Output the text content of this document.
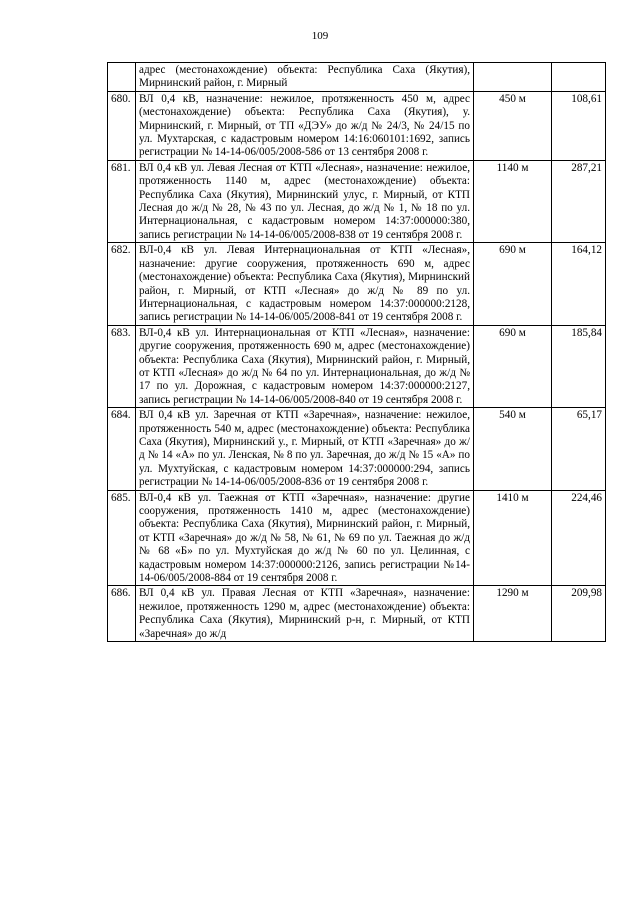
109
	адрес (местонахождение) объекта: Республика Саха (Якутия), Мирнинский район, г. Мирный		
680.	ВЛ 0,4 кВ, назначение: нежилое, протяженность 450 м, адрес (местонахождение) объекта: Республика Саха (Якутия), у. Мирнинский, г. Мирный, от ТП «ДЭУ» до ж/д № 24/3, № 24/15 по ул. Мухтарская, с кадастровым номером 14:16:060101:1692, запись регистрации № 14-14-06/005/2008-586 от 13 сентября 2008 г.	450 м	108,61
681.	ВЛ 0,4 кВ ул. Левая Лесная от КТП «Лесная», назначение: нежилое, протяженность 1140 м, адрес (местонахождение) объекта: Республика Саха (Якутия), Мирнинский улус, г. Мирный, от КТП Лесная до ж/д № 28, № 43 по ул. Лесная, до ж/д № 1, № 18 по ул. Интернациональная, с кадастровым номером 14:37:000000:380, запись регистрации № 14-14-06/005/2008-838 от 19 сентября 2008 г.	1140 м	287,21
682.	ВЛ-0,4 кВ ул. Левая Интернациональная от КТП «Лесная», назначение: другие сооружения, протяженность 690 м, адрес (местонахождение) объекта: Республика Саха (Якутия), Мирнинский район, г. Мирный, от КТП «Лесная» до ж/д № 89 по ул. Интернациональная, с кадастровым номером 14:37:000000:2128, запись регистрации № 14-14-06/005/2008-841 от 19 сентября 2008 г.	690 м	164,12
683.	ВЛ-0,4 кВ ул. Интернациональная от КТП «Лесная», назначение: другие сооружения, протяженность 690 м, адрес (местонахождение) объекта: Республика Саха (Якутия), Мирнинский район, г. Мирный, от КТП «Лесная» до ж/д № 64 по ул. Интернациональная, до ж/д № 17 по ул. Дорожная, с кадастровым номером 14:37:000000:2127, запись регистрации № 14-14-06/005/2008-840 от 19 сентября 2008 г.	690 м	185,84
684.	ВЛ 0,4 кВ ул. Заречная от КТП «Заречная», назначение: нежилое, протяженность 540 м, адрес (местонахождение) объекта: Республика Саха (Якутия), Мирнинский у., г. Мирный, от КТП «Заречная» до ж/д № 14 «А» по ул. Ленская, № 8 по ул. Заречная, до ж/д № 15 «А» по ул. Мухтуйская, с кадастровым номером 14:37:000000:294, запись регистрации № 14-14-06/005/2008-836 от 19 сентября 2008 г.	540 м	65,17
685.	ВЛ-0,4 кВ ул. Таежная от КТП «Заречная», назначение: другие сооружения, протяженность 1410 м, адрес (местонахождение) объекта: Республика Саха (Якутия), Мирнинский район, г. Мирный, от КТП «Заречная» до ж/д № 58, № 61, № 69 по ул. Таежная до ж/д № 68 «Б» по ул. Мухтуйская до ж/д № 60 по ул. Целинная, с кадастровым номером 14:37:000000:2126, запись регистрации №14-14-06/005/2008-884 от 19 сентября 2008 г.	1410 м	224,46
686.	ВЛ 0,4 кВ ул. Правая Лесная от КТП «Заречная», назначение: нежилое, протяженность 1290 м, адрес (местонахождение) объекта: Республика Саха (Якутия), Мирнинский р-н, г. Мирный, от КТП «Заречная» до ж/д	1290 м	209,98
